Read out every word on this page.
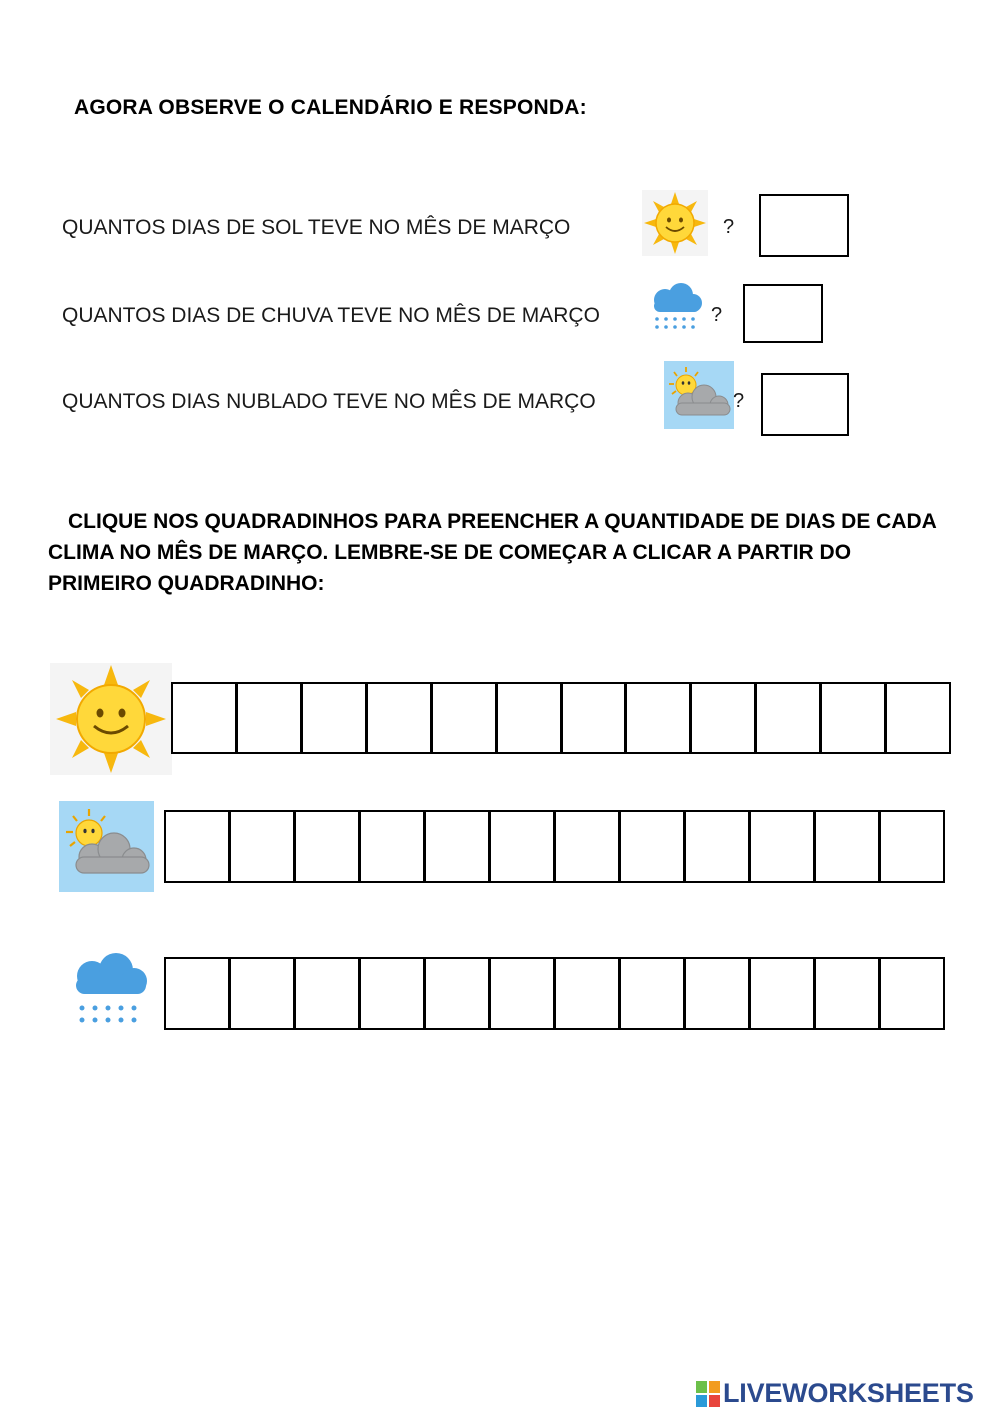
AGORA OBSERVE O CALENDÁRIO E RESPONDA:
QUANTOS DIAS DE SOL TEVE NO MÊS DE MARÇO	?
QUANTOS DIAS DE CHUVA TEVE NO MÊS DE MARÇO	?
QUANTOS DIAS NUBLADO TEVE NO MÊS DE MARÇO	?
CLIQUE NOS QUADRADINHOS PARA PREENCHER A QUANTIDADE DE DIAS DE CADA CLIMA NO MÊS DE MARÇO. LEMBRE-SE DE COMEÇAR A CLICAR A PARTIR DO PRIMEIRO QUADRADINHO:
LIVEWORKSHEETS
